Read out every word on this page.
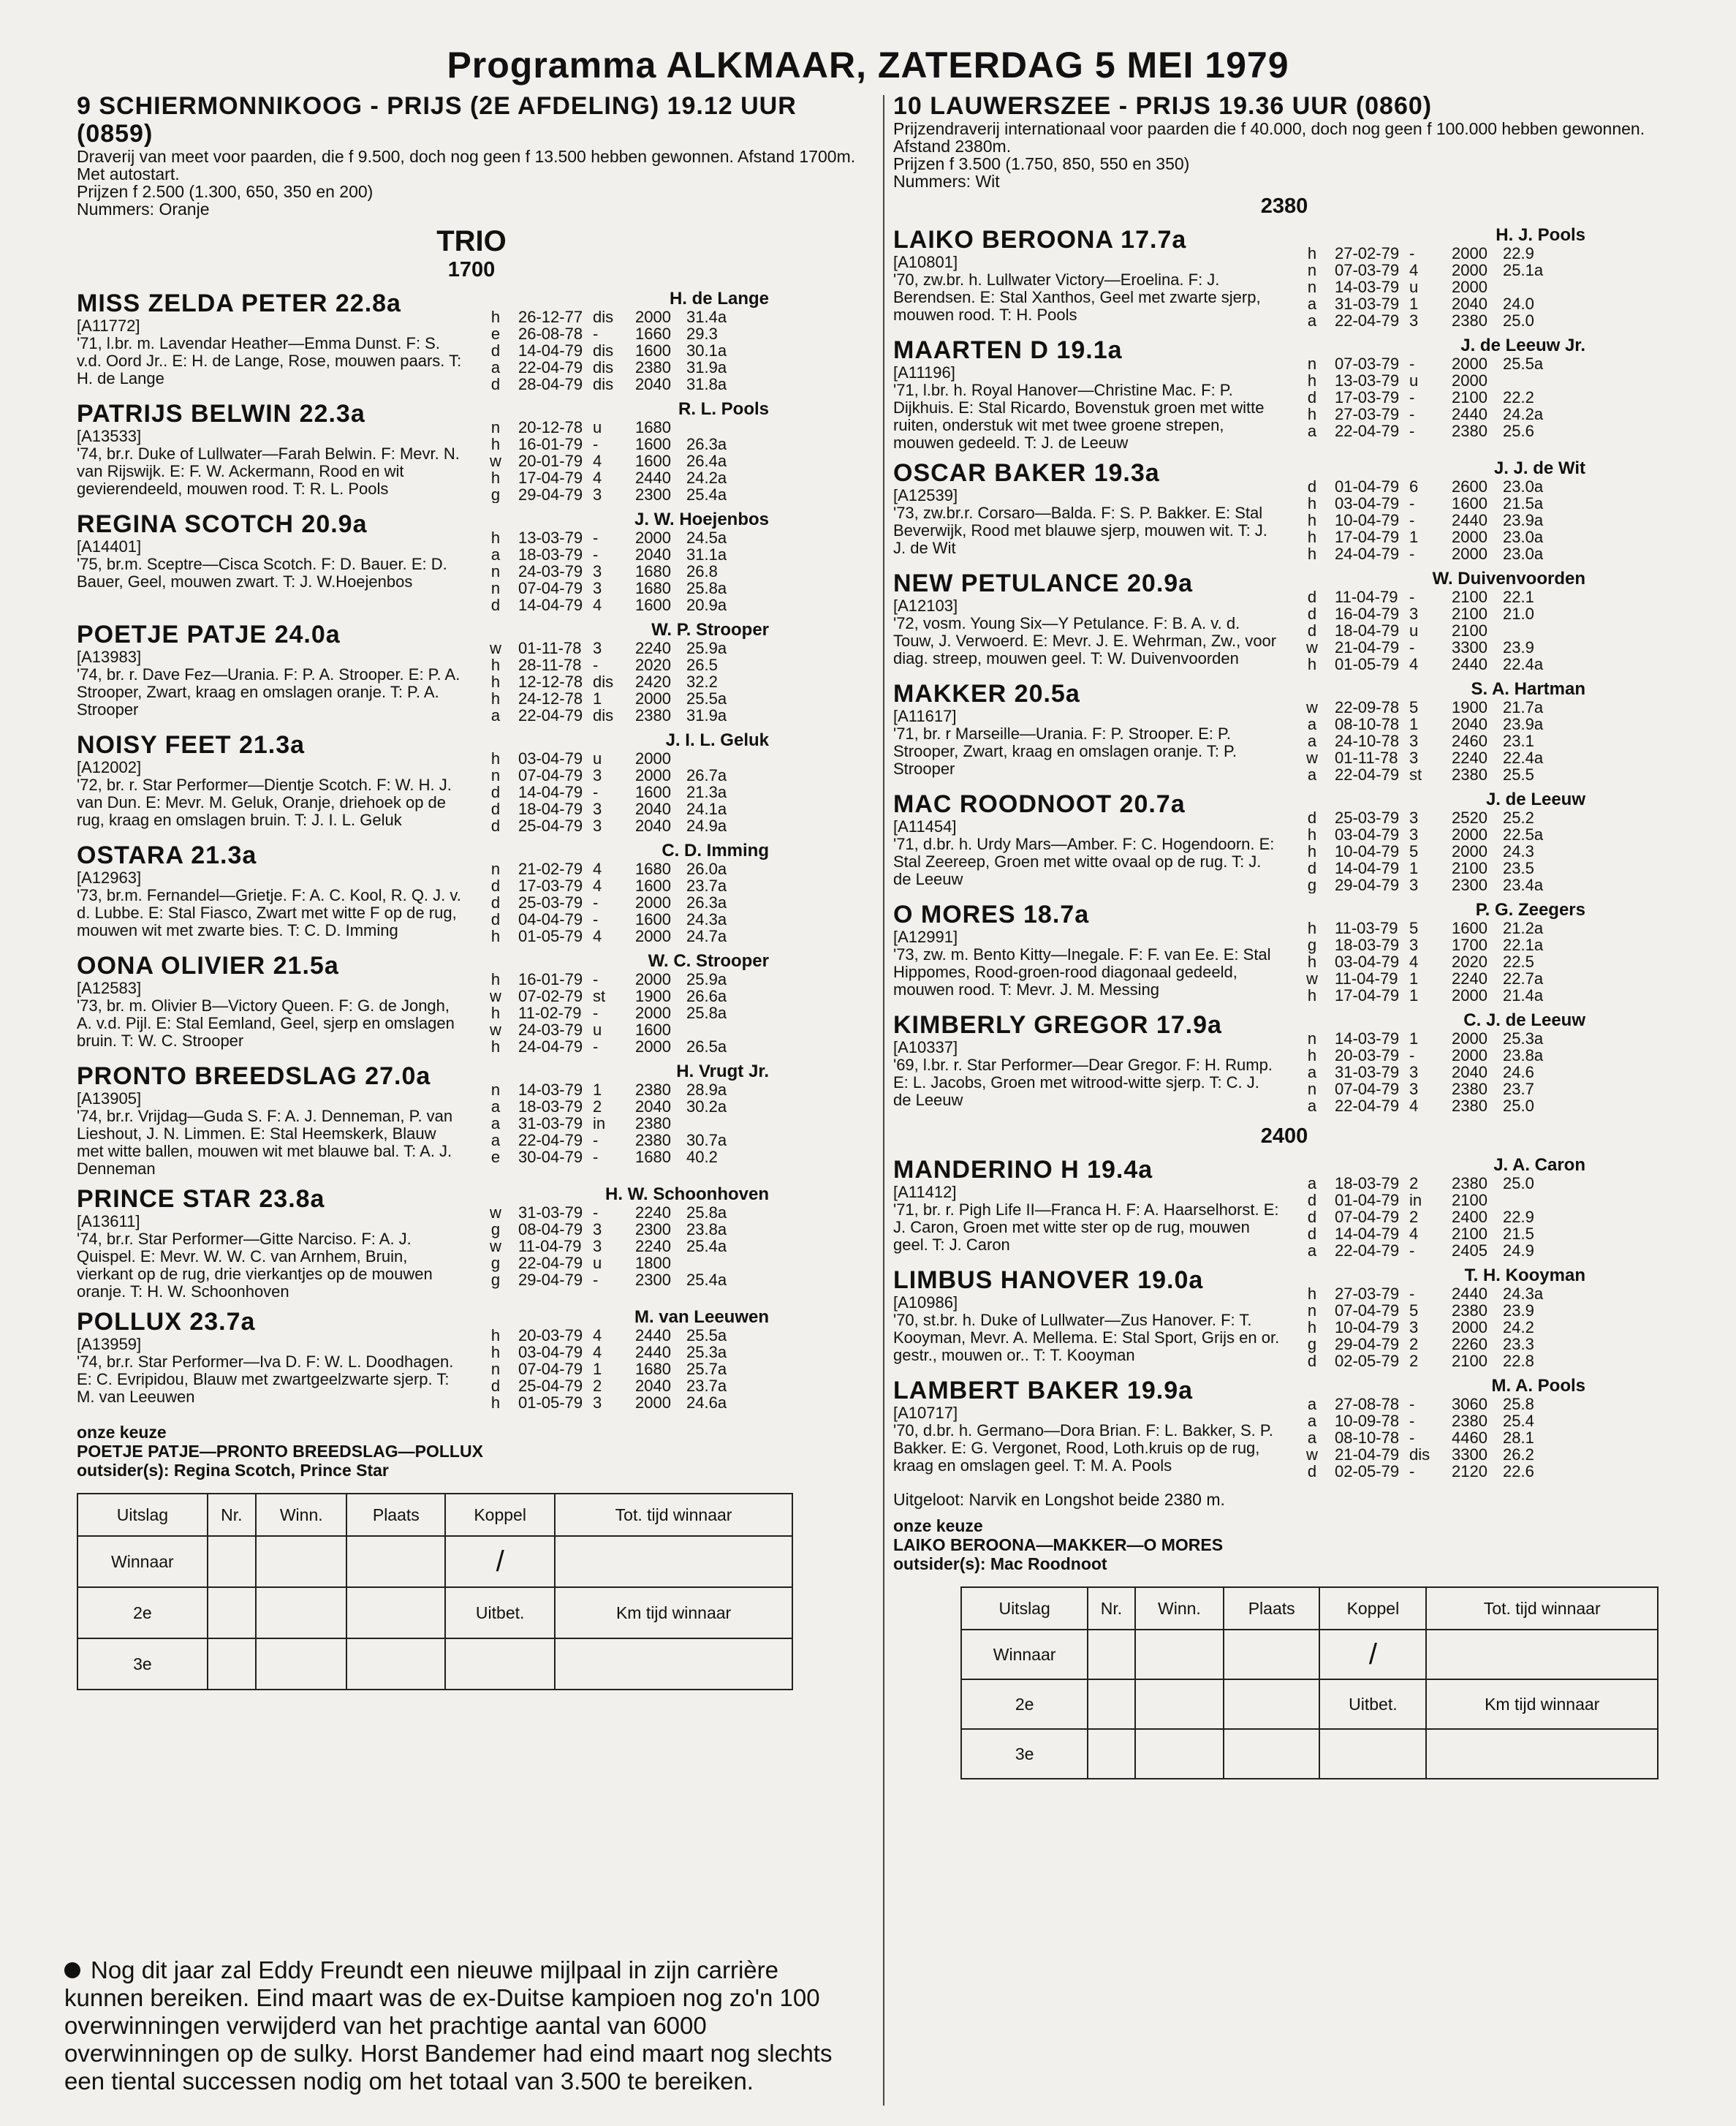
Programma ALKMAAR, ZATERDAG 5 MEI 1979
9 SCHIERMONNIKOOG - PRIJS (2E AFDELING) 19.12 UUR (0859)
Draverij van meet voor paarden, die f 9.500, doch nog geen f 13.500 hebben gewonnen. Afstand 1700m. Met autostart.
Prijzen f 2.500 (1.300, 650, 350 en 200)
Nummers: Oranje
TRIO
1700
MISS ZELDA PETER 22.8a
[A11772]
'71, l.br. m. Lavendar Heather—Emma Dunst. F: S. v.d. Oord Jr.. E: H. de Lange, Rose, mouwen paars. T: H. de Lange
H. de Lange
h 26-12-77 dis 2000 31.4a
e 26-08-78 - 1660 29.3
d 14-04-79 dis 1600 30.1a
a 22-04-79 dis 2380 31.9a
d 28-04-79 dis 2040 31.8a
PATRIJS BELWIN 22.3a
[A13533]
'74, br.r. Duke of Lullwater—Farah Belwin. F: Mevr. N. van Rijswijk. E: F. W. Ackermann, Rood en wit gevierendeeld, mouwen rood. T: R. L. Pools
R. L. Pools
n 20-12-78 u 1680
h 16-01-79 - 1600 26.3a
w 20-01-79 4 1600 26.4a
h 17-04-79 4 2440 24.2a
g 29-04-79 3 2300 25.4a
REGINA SCOTCH 20.9a
[A14401]
'75, br.m. Sceptre—Cisca Scotch. F: D. Bauer. E: D. Bauer, Geel, mouwen zwart. T: J. W.Hoejenbos
J. W. Hoejenbos
h 13-03-79 - 2000 24.5a
a 18-03-79 - 2040 31.1a
n 24-03-79 3 1680 26.8
n 07-04-79 3 1680 25.8a
d 14-04-79 4 1600 20.9a
POETJE PATJE 24.0a
[A13983]
'74, br. r. Dave Fez—Urania. F: P. A. Strooper. E: P. A. Strooper, Zwart, kraag en omslagen oranje. T: P. A. Strooper
W. P. Strooper
w 01-11-78 3 2240 25.9a
h 28-11-78 - 2020 26.5
h 12-12-78 dis 2420 32.2
h 24-12-78 1 2000 25.5a
a 22-04-79 dis 2380 31.9a
NOISY FEET 21.3a
[A12002]
'72, br. r. Star Performer—Dientje Scotch. F: W. H. J. van Dun. E: Mevr. M. Geluk, Oranje, driehoek op de rug, kraag en omslagen bruin. T: J. I. L. Geluk
J. I. L. Geluk
h 03-04-79 u 2000
n 07-04-79 3 2000 26.7a
d 14-04-79 - 1600 21.3a
d 18-04-79 3 2040 24.1a
d 25-04-79 3 2040 24.9a
OSTARA 21.3a
[A12963]
'73, br.m. Fernandel—Grietje. F: A. C. Kool, R. Q. J. v. d. Lubbe. E: Stal Fiasco, Zwart met witte F op de rug, mouwen wit met zwarte bies. T: C. D. Imming
C. D. Imming
n 21-02-79 4 1680 26.0a
d 17-03-79 4 1600 23.7a
d 25-03-79 - 2000 26.3a
d 04-04-79 - 1600 24.3a
h 01-05-79 4 2000 24.7a
OONA OLIVIER 21.5a
[A12583]
'73, br. m. Olivier B—Victory Queen. F: G. de Jongh, A. v.d. Pijl. E: Stal Eemland, Geel, sjerp en omslagen bruin. T: W. C. Strooper
W. C. Strooper
h 16-01-79 - 2000 25.9a
w 07-02-79 st 1900 26.6a
h 11-02-79 - 2000 25.8a
w 24-03-79 u 1600
h 24-04-79 - 2000 26.5a
PRONTO BREEDSLAG 27.0a
[A13905]
'74, br.r. Vrijdag—Guda S. F: A. J. Denneman, P. van Lieshout, J. N. Limmen. E: Stal Heemskerk, Blauw met witte ballen, mouwen wit met blauwe bal. T: A. J. Denneman
H. Vrugt Jr.
n 14-03-79 1 2380 28.9a
a 18-03-79 2 2040 30.2a
a 31-03-79 in 2380
a 22-04-79 - 2380 30.7a
e 30-04-79 - 1680 40.2
PRINCE STAR 23.8a
[A13611]
'74, br.r. Star Performer—Gitte Narciso. F: A. J. Quispel. E: Mevr. W. W. C. van Arnhem, Bruin, vierkant op de rug, drie vierkantjes op de mouwen oranje. T: H. W. Schoonhoven
H. W. Schoonhoven
w 31-03-79 - 2240 25.8a
g 08-04-79 3 2300 23.8a
w 11-04-79 3 2240 25.4a
g 22-04-79 u 1800
g 29-04-79 - 2300 25.4a
POLLUX 23.7a
[A13959]
'74, br.r. Star Performer—Iva D. F: W. L. Doodhagen. E: C. Evripidou, Blauw met zwartgeelzwarte sjerp. T: M. van Leeuwen
M. van Leeuwen
h 20-03-79 4 2440 25.5a
h 03-04-79 4 2440 25.3a
n 07-04-79 1 1680 25.7a
d 25-04-79 2 2040 23.7a
h 01-05-79 3 2000 24.6a
onze keuze
POETJE PATJE—PRONTO BREEDSLAG—POLLUX
outsider(s): Regina Scotch, Prince Star
Uitslag	Nr.	Winn.	Plaats	Koppel	Tot. tijd winnaar
Winnaar				/	
2e				Uitbet.	Km tijd winnaar
3e					
10 LAUWERSZEE - PRIJS 19.36 UUR (0860)
Prijzendraverij internationaal voor paarden die f 40.000, doch nog geen f 100.000 hebben gewonnen. Afstand 2380m.
Prijzen f 3.500 (1.750, 850, 550 en 350)
Nummers: Wit
2380
LAIKO BEROONA 17.7a
[A10801]
'70, zw.br. h. Lullwater Victory—Eroelina. F: J. Berendsen. E: Stal Xanthos, Geel met zwarte sjerp, mouwen rood. T: H. Pools
H. J. Pools
h 27-02-79 - 2000 22.9
n 07-03-79 4 2000 25.1a
n 14-03-79 u 2000
a 31-03-79 1 2040 24.0
a 22-04-79 3 2380 25.0
MAARTEN D 19.1a
[A11196]
'71, l.br. h. Royal Hanover—Christine Mac. F: P. Dijkhuis. E: Stal Ricardo, Bovenstuk groen met witte ruiten, onderstuk wit met twee groene strepen, mouwen gedeeld. T: J. de Leeuw
J. de Leeuw Jr.
n 07-03-79 - 2000 25.5a
h 13-03-79 u 2000
d 17-03-79 - 2100 22.2
h 27-03-79 - 2440 24.2a
a 22-04-79 - 2380 25.6
OSCAR BAKER 19.3a
[A12539]
'73, zw.br.r. Corsaro—Balda. F: S. P. Bakker. E: Stal Beverwijk, Rood met blauwe sjerp, mouwen wit. T: J. J. de Wit
J. J. de Wit
d 01-04-79 6 2600 23.0a
h 03-04-79 - 1600 21.5a
h 10-04-79 - 2440 23.9a
h 17-04-79 1 2000 23.0a
h 24-04-79 - 2000 23.0a
NEW PETULANCE 20.9a
[A12103]
'72, vosm. Young Six—Y Petulance. F: B. A. v. d. Touw, J. Verwoerd. E: Mevr. J. E. Wehrman, Zw., voor diag. streep, mouwen geel. T: W. Duivenvoorden
W. Duivenvoorden
d 11-04-79 - 2100 22.1
d 16-04-79 3 2100 21.0
d 18-04-79 u 2100
w 21-04-79 - 3300 23.9
h 01-05-79 4 2440 22.4a
MAKKER 20.5a
[A11617]
'71, br. r Marseille—Urania. F: P. Strooper. E: P. Strooper, Zwart, kraag en omslagen oranje. T: P. Strooper
S. A. Hartman
w 22-09-78 5 1900 21.7a
a 08-10-78 1 2040 23.9a
a 24-10-78 3 2460 23.1
w 01-11-78 3 2240 22.4a
a 22-04-79 st 2380 25.5
MAC ROODNOOT 20.7a
[A11454]
'71, d.br. h. Urdy Mars—Amber. F: C. Hogendoorn. E: Stal Zeereep, Groen met witte ovaal op de rug. T: J. de Leeuw
J. de Leeuw
d 25-03-79 3 2520 25.2
h 03-04-79 3 2000 22.5a
h 10-04-79 5 2000 24.3
d 14-04-79 1 2100 23.5
g 29-04-79 3 2300 23.4a
O MORES 18.7a
[A12991]
'73, zw. m. Bento Kitty—Inegale. F: F. van Ee. E: Stal Hippomes, Rood-groen-rood diagonaal gedeeld, mouwen rood. T: Mevr. J. M. Messing
P. G. Zeegers
h 11-03-79 5 1600 21.2a
g 18-03-79 3 1700 22.1a
h 03-04-79 4 2020 22.5
w 11-04-79 1 2240 22.7a
h 17-04-79 1 2000 21.4a
KIMBERLY GREGOR 17.9a
[A10337]
'69, l.br. r. Star Performer—Dear Gregor. F: H. Rump. E: L. Jacobs, Groen met witrood-witte sjerp. T: C. J. de Leeuw
C. J. de Leeuw
n 14-03-79 1 2000 25.3a
h 20-03-79 - 2000 23.8a
a 31-03-79 3 2040 24.6
n 07-04-79 3 2380 23.7
a 22-04-79 4 2380 25.0
2400
MANDERINO H 19.4a
[A11412]
'71, br. r. Pigh Life II—Franca H. F: A. Haarselhorst. E: J. Caron, Groen met witte ster op de rug, mouwen geel. T: J. Caron
J. A. Caron
a 18-03-79 2 2380 25.0
d 01-04-79 in 2100
d 07-04-79 2 2400 22.9
d 14-04-79 4 2100 21.5
a 22-04-79 - 2405 24.9
LIMBUS HANOVER 19.0a
[A10986]
'70, st.br. h. Duke of Lullwater—Zus Hanover. F: T. Kooyman, Mevr. A. Mellema. E: Stal Sport, Grijs en or. gestr., mouwen or.. T: T. Kooyman
T. H. Kooyman
h 27-03-79 - 2440 24.3a
n 07-04-79 5 2380 23.9
h 10-04-79 3 2000 24.2
g 29-04-79 2 2260 23.3
d 02-05-79 2 2100 22.8
LAMBERT BAKER 19.9a
[A10717]
'70, d.br. h. Germano—Dora Brian. F: L. Bakker, S. P. Bakker. E: G. Vergonet, Rood, Loth.kruis op de rug, kraag en omslagen geel. T: M. A. Pools
M. A. Pools
a 27-08-78 - 3060 25.8
a 10-09-78 - 2380 25.4
a 08-10-78 - 4460 28.1
w 21-04-79 dis 3300 26.2
d 02-05-79 - 2120 22.6
Uitgeloot: Narvik en Longshot beide 2380 m.
onze keuze
LAIKO BEROONA—MAKKER—O MORES
outsider(s): Mac Roodnoot
Uitslag	Nr.	Winn.	Plaats	Koppel	Tot. tijd winnaar
Winnaar				/	
2e				Uitbet.	Km tijd winnaar
3e					
Nog dit jaar zal Eddy Freundt een nieuwe mijlpaal in zijn carrière kunnen bereiken. Eind maart was de ex-Duitse kampioen nog zo'n 100 overwinningen verwijderd van het prachtige aantal van 6000 overwinningen op de sulky. Horst Bandemer had eind maart nog slechts een tiental successen nodig om het totaal van 3.500 te bereiken.
